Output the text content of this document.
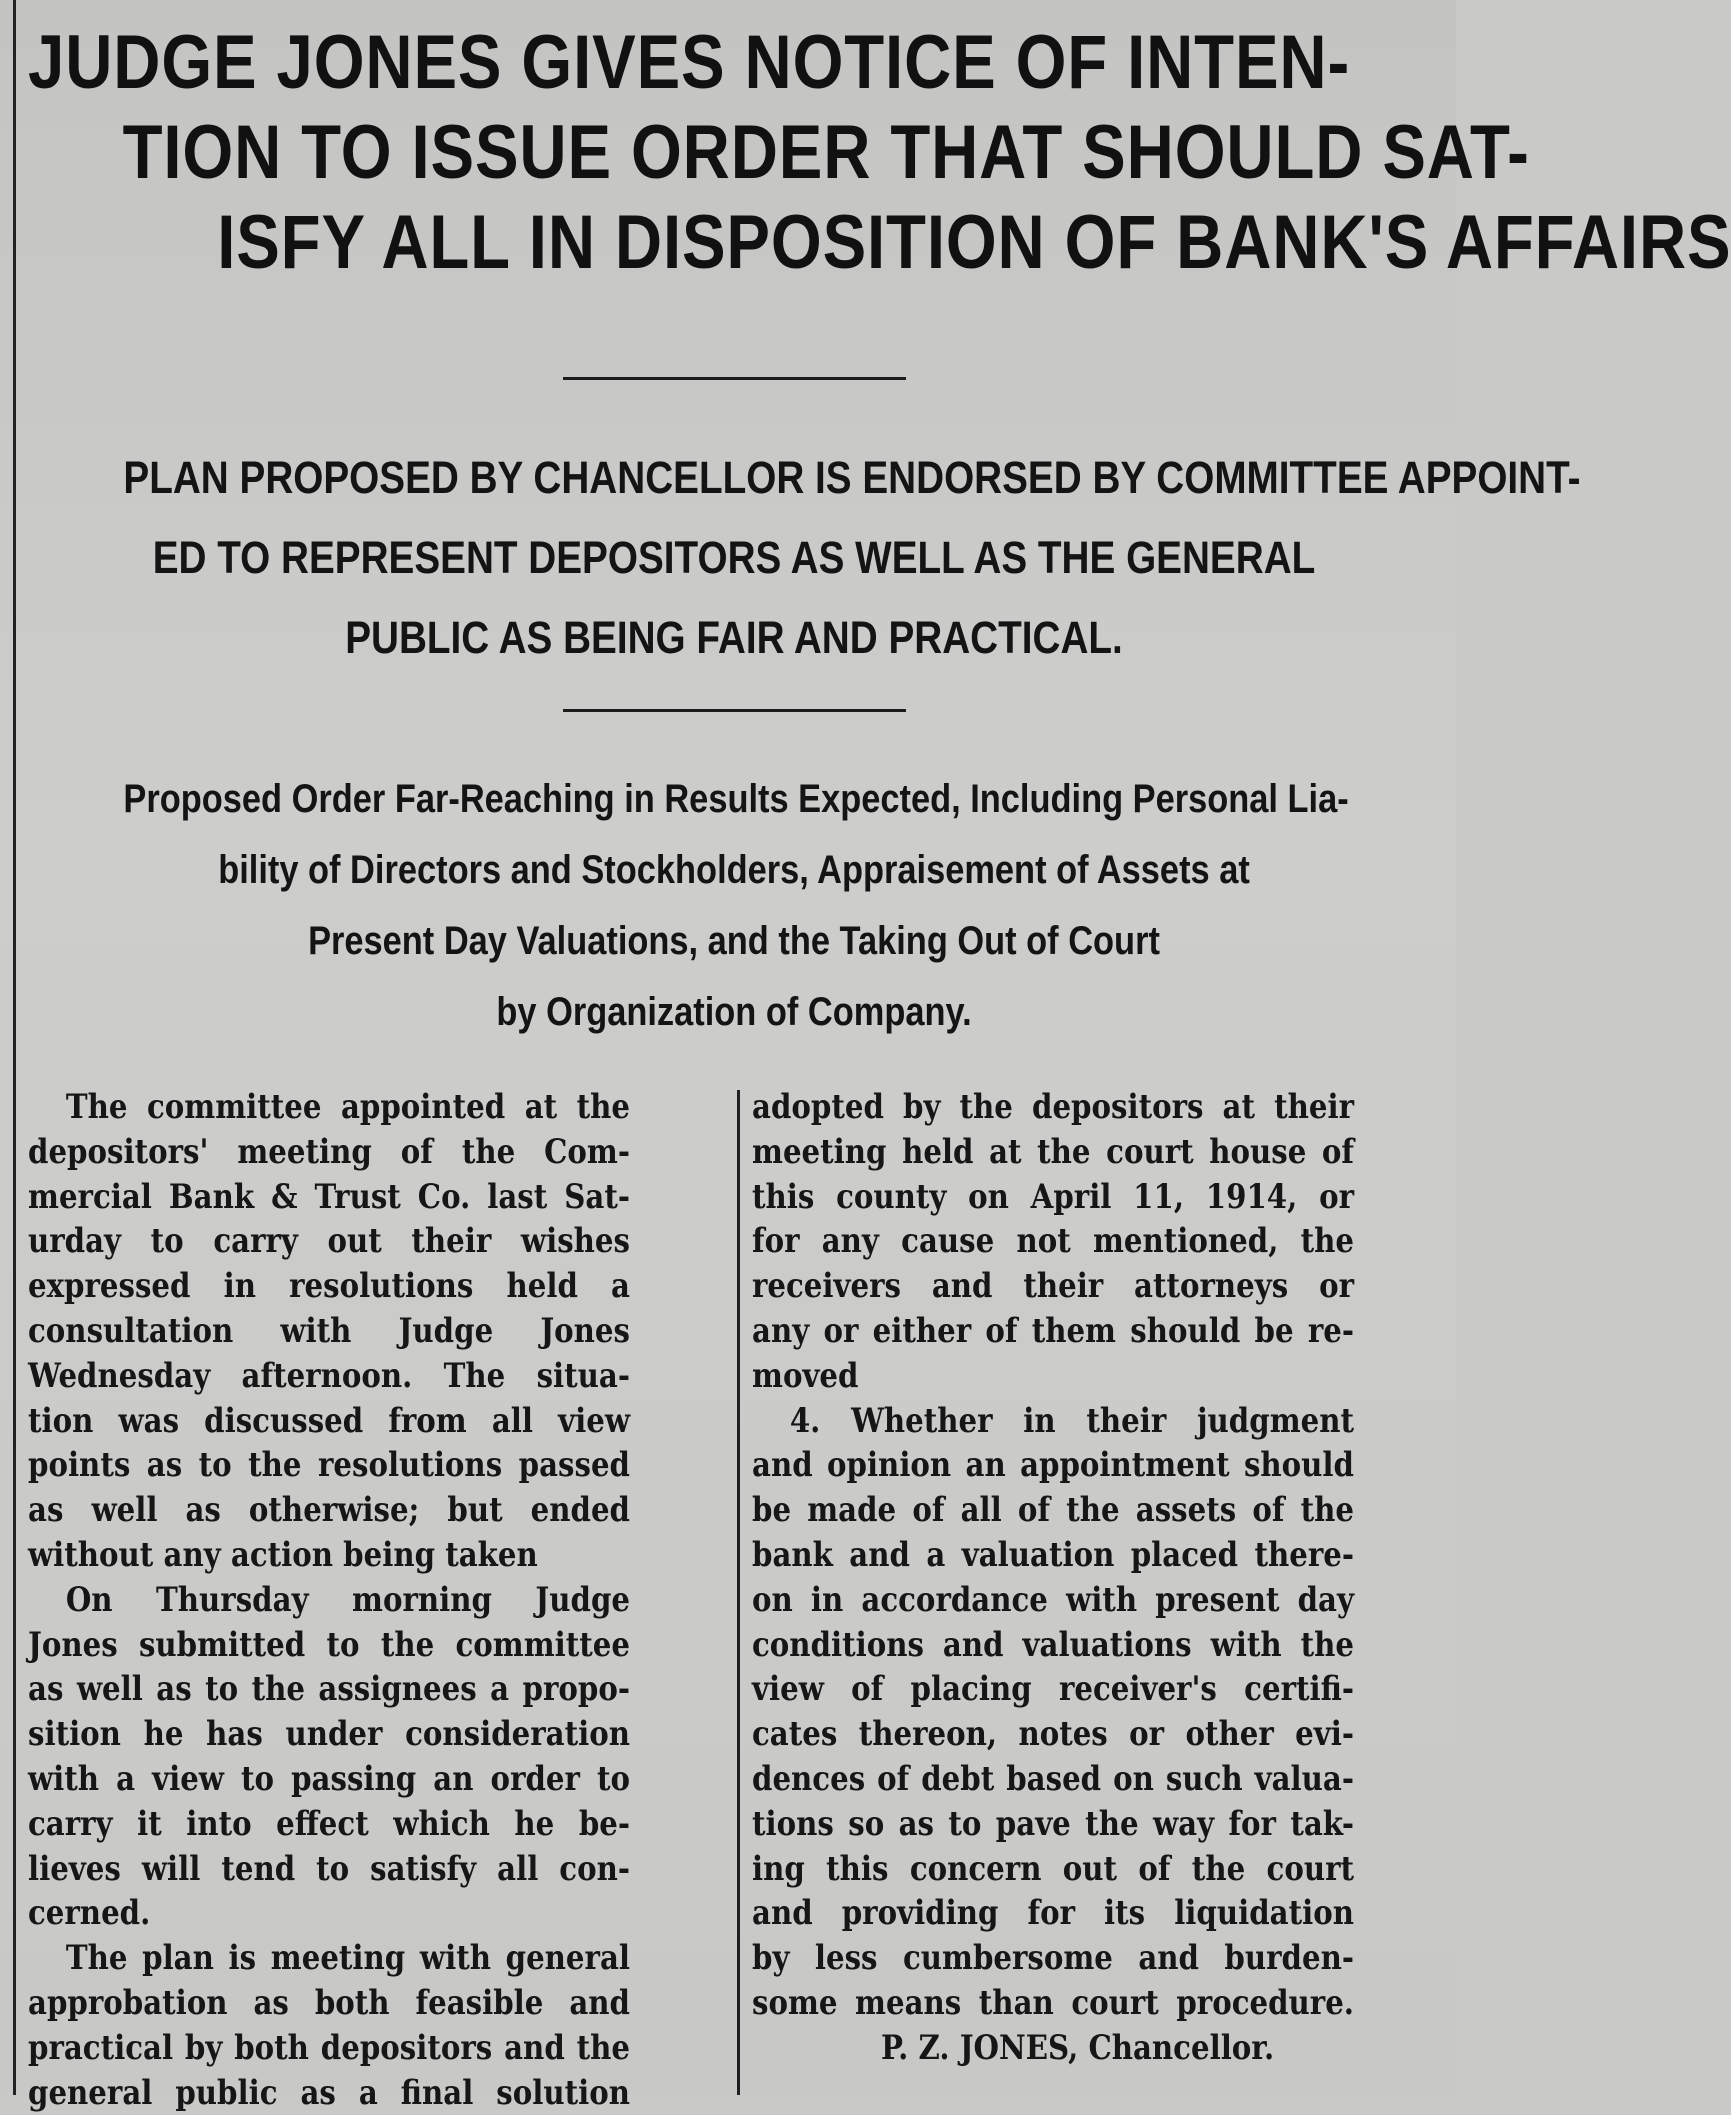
JUDGE JONES GIVES NOTICE OF INTEN-
TION TO ISSUE ORDER THAT SHOULD SAT-
ISFY ALL IN DISPOSITION OF BANK'S AFFAIRS
PLAN PROPOSED BY CHANCELLOR IS ENDORSED BY COMMITTEE APPOINT-
ED TO REPRESENT DEPOSITORS AS WELL AS THE GENERAL
PUBLIC AS BEING FAIR AND PRACTICAL.
Proposed Order Far-Reaching in Results Expected, Including Personal Lia-
bility of Directors and Stockholders, Appraisement of Assets at
Present Day Valuations, and the Taking Out of Court
by Organization of Company.
The committee appointed at the
depositors' meeting of the Com-
mercial Bank & Trust Co. last Sat-
urday to carry out their wishes
expressed in resolutions held a
consultation with Judge Jones
Wednesday afternoon. The situa-
tion was discussed from all view
points as to the resolutions passed
as well as otherwise; but ended
without any action being taken
On Thursday morning Judge
Jones submitted to the committee
as well as to the assignees a propo-
sition he has under consideration
with a view to passing an order to
carry it into effect which he be-
lieves will tend to satisfy all con-
cerned.
The plan is meeting with general
approbation as both feasible and
practical by both depositors and the
general public as a final solution
adopted by the depositors at their
meeting held at the court house of
this county on April 11, 1914, or
for any cause not mentioned, the
receivers and their attorneys or
any or either of them should be re-
moved
4. Whether in their judgment
and opinion an appointment should
be made of all of the assets of the
bank and a valuation placed there-
on in accordance with present day
conditions and valuations with the
view of placing receiver's certifi-
cates thereon, notes or other evi-
dences of debt based on such valua-
tions so as to pave the way for tak-
ing this concern out of the court
and providing for its liquidation
by less cumbersome and burden-
some means than court procedure.
P. Z. JONES, Chancellor.
